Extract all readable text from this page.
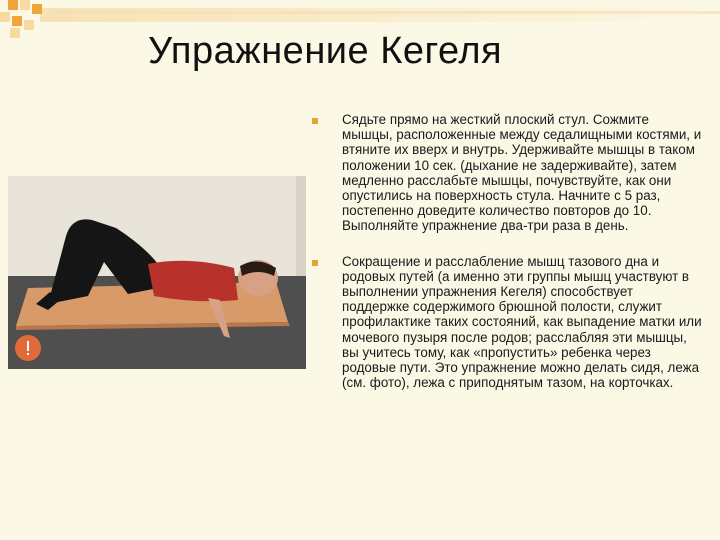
Упражнение Кегеля
Сядьте прямо на жесткий плоский стул. Сожмите мышцы, расположенные между седалищными костями, и втяните их вверх и внутрь. Удерживайте мышцы в таком положении 10 сек. (дыхание не задерживайте), затем медленно расслабьте мышцы, почувствуйте, как они опустились на поверхность стула. Начните с 5 раз, постепенно доведите количество повторов до 10. Выполняйте упражнение два-три раза в день.
Сокращение и расслабление мышц тазового дна и родовых путей (а именно эти группы мышц участвуют в выполнении упражнения Кегеля) способствует поддержке содержимого брюшной полости, служит профилактике таких состояний, как выпадение матки или мочевого пузыря после родов; расслабляя эти мышцы, вы учитесь тому, как «пропустить» ребенка через родовые пути. Это упражнение можно делать сидя, лежа (см. фото), лежа с приподнятым тазом, на корточках.
